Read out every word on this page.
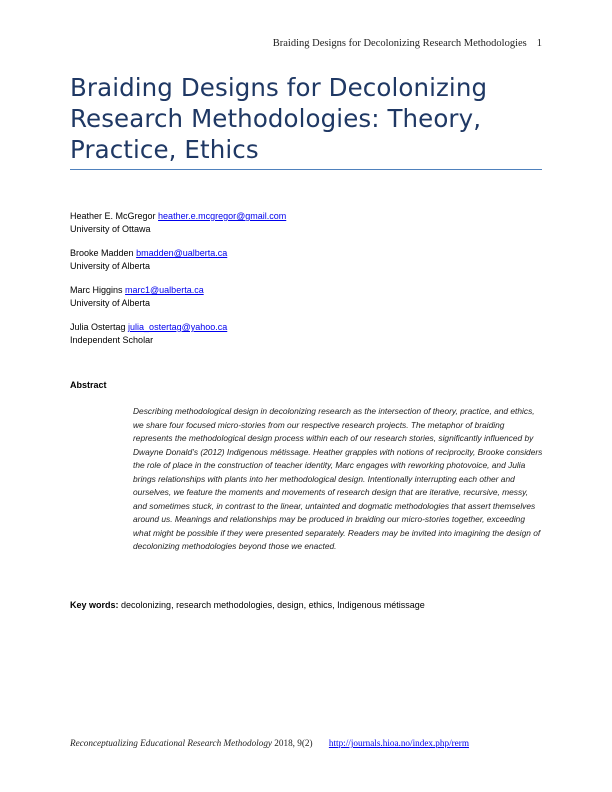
Braiding Designs for Decolonizing Research Methodologies 1
Braiding Designs for Decolonizing
Research Methodologies: Theory,
Practice, Ethics
Heather E. McGregor heather.e.mcgregor@gmail.com
University of Ottawa
Brooke Madden bmadden@ualberta.ca
University of Alberta
Marc Higgins marc1@ualberta.ca
University of Alberta
Julia Ostertag julia_ostertag@yahoo.ca
Independent Scholar
Abstract

Describing methodological design in decolonizing research as the intersection of theory, practice, and ethics, we share four focused micro-stories from our respective research projects. The metaphor of braiding represents the methodological design process within each of our research stories, significantly influenced by Dwayne Donald’s (2012) Indigenous métissage. Heather grapples with notions of reciprocity, Brooke considers the role of place in the construction of teacher identity, Marc engages with reworking photovoice, and Julia brings relationships with plants into her methodological design. Intentionally interrupting each other and ourselves, we feature the moments and movements of research design that are iterative, recursive, messy, and sometimes stuck, in contrast to the linear, untainted and dogmatic methodologies that assert themselves around us. Meanings and relationships may be produced in braiding our micro-stories together, exceeding what might be possible if they were presented separately. Readers may be invited into imagining the design of decolonizing methodologies beyond those we enacted.

Key words: decolonizing, research methodologies, design, ethics, Indigenous métissage
Reconceptualizing Educational Research Methodology 2018, 9(2) http://journals.hioa.no/index.php/rerm
